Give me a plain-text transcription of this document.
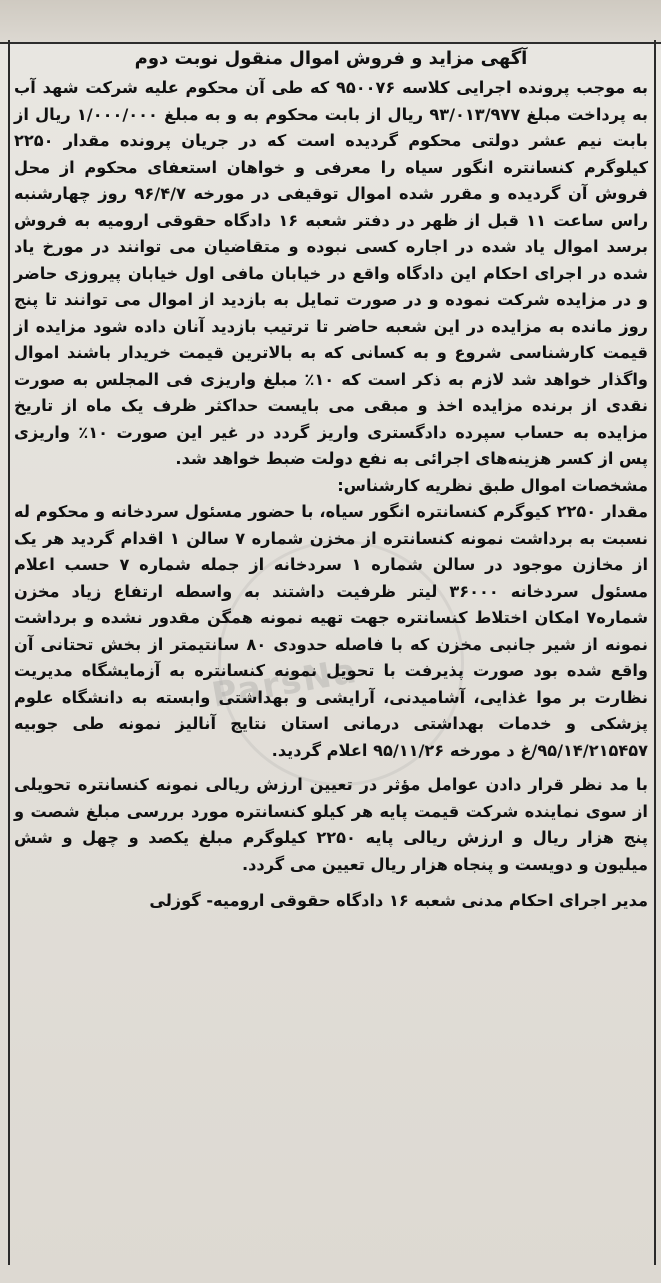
ParsNa
آگهی مزاید و فروش اموال منقول نوبت دوم

به موجب پرونده اجرایی کلاسه ۹۵۰۰۷۶ که طی آن محکوم علیه شرکت شهد آب به پرداخت مبلغ ۹۳/۰۱۳/۹۷۷ ریال از بابت محکوم به و به مبلغ ۱/۰۰۰/۰۰۰ ریال از بابت نیم عشر دولتی محکوم گردیده است که در جریان پرونده مقدار ۲۲۵۰ کیلوگرم کنسانتره انگور سیاه را معرفی و خواهان استعفای محکوم از محل فروش آن گردیده و مقرر شده اموال توقیفی در مورخه ۹۶/۴/۷ روز چهارشنبه راس ساعت ۱۱ قبل از ظهر در دفتر شعبه ۱۶ دادگاه حقوقی ارومیه به فروش برسد اموال یاد شده در اجاره کسی نبوده و متقاضیان می توانند در مورخ یاد شده در اجرای احکام این دادگاه واقع در خیابان مافی اول خیابان پیروزی حاضر و در مزایده شرکت نموده و در صورت تمایل به بازدید از اموال می توانند تا پنج روز مانده به مزایده در این شعبه حاضر تا ترتیب بازدید آنان داده شود مزایده از قیمت کارشناسی شروع و به کسانی که به بالاترین قیمت خریدار باشند اموال واگذار خواهد شد لازم به ذکر است که ۱۰٪ مبلغ واریزی فی المجلس به صورت نقدی از برنده مزایده اخذ و مبقی می بایست حداکثر ظرف یک ماه از تاریخ مزایده به حساب سپرده دادگستری واریز گردد در غیر این صورت ۱۰٪ واریزی پس از کسر هزینه‌های اجرائی به نفع دولت ضبط خواهد شد.

مشخصات اموال طبق نظریه کارشناس:

مقدار ۲۲۵۰ کیوگرم کنسانتره انگور سیاه، با حضور مسئول سردخانه و محکوم له نسبت به برداشت نمونه کنسانتره از مخزن شماره ۷ سالن ۱ اقدام گردید هر یک از مخازن موجود در سالن شماره ۱ سردخانه از جمله شماره ۷ حسب اعلام مسئول سردخانه ۳۶۰۰۰ لیتر ظرفیت داشتند به واسطه ارتفاع زیاد مخزن شماره۷ امکان اختلاط کنسانتره جهت تهیه نمونه همگن مقدور نشده و برداشت نمونه از شیر جانبی مخزن که با فاصله حدودی ۸۰ سانتیمتر از بخش تحتانی آن واقع شده بود صورت پذیرفت با تحویل نمونه کنسانتره به آزمایشگاه مدیریت نظارت بر موا غذایی، آشامیدنی، آرایشی و بهداشتی وابسته به دانشگاه علوم پزشکی و خدمات بهداشتی درمانی استان نتایج آنالیز نمونه طی جوبیه ۹۵/۱۴/۲۱۵۴۵۷/غ د مورخه ۹۵/۱۱/۲۶ اعلام گردید.

با مد نظر قرار دادن عوامل مؤثر در تعیین ارزش ریالی نمونه کنسانتره تحویلی از سوی نماینده شرکت قیمت پایه هر کیلو کنسانتره مورد بررسی مبلغ شصت و پنج هزار ریال و ارزش ریالی پایه ۲۲۵۰ کیلوگرم مبلغ یکصد و چهل و شش میلیون و دویست و پنجاه هزار ریال تعیین می گردد.

مدیر اجرای احکام مدنی شعبه ۱۶ دادگاه حقوقی ارومیه- گوزلی
